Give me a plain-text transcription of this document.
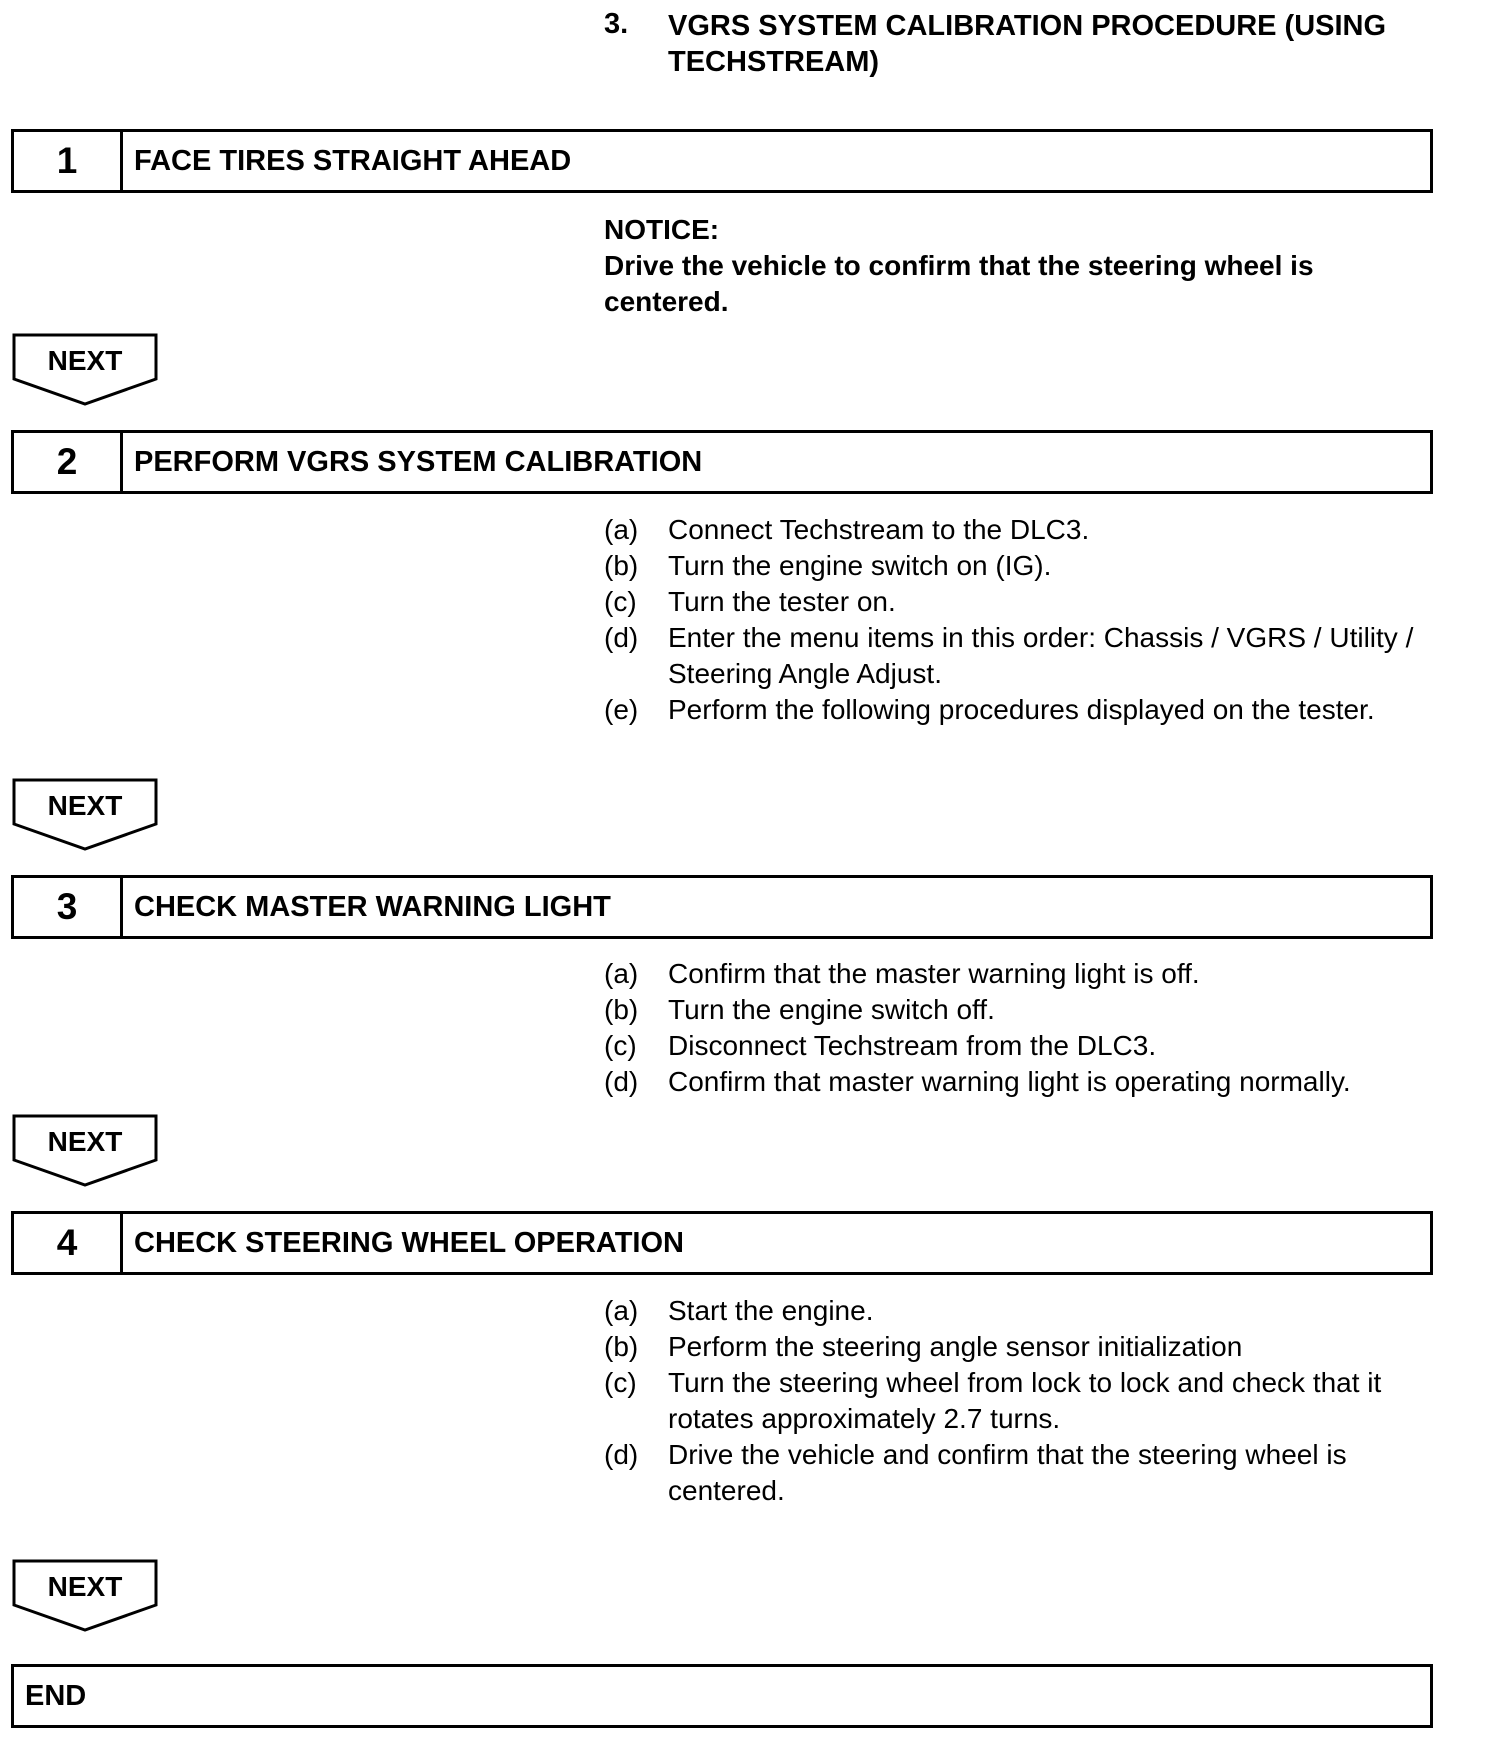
3. VGRS SYSTEM CALIBRATION PROCEDURE (USING TECHSTREAM)
1	FACE TIRES STRAIGHT AHEAD
NOTICE:
Drive the vehicle to confirm that the steering wheel is centered.
NEXT
2	PERFORM VGRS SYSTEM CALIBRATION
(a)	Connect Techstream to the DLC3.
(b)	Turn the engine switch on (IG).
(c)	Turn the tester on.
(d)	Enter the menu items in this order: Chassis / VGRS / Utility / Steering Angle Adjust.
(e)	Perform the following procedures displayed on the tester.
NEXT
3	CHECK MASTER WARNING LIGHT
(a)	Confirm that the master warning light is off.
(b)	Turn the engine switch off.
(c)	Disconnect Techstream from the DLC3.
(d)	Confirm that master warning light is operating normally.
NEXT
4	CHECK STEERING WHEEL OPERATION
(a)	Start the engine.
(b)	Perform the steering angle sensor initialization
(c)	Turn the steering wheel from lock to lock and check that it rotates approximately 2.7 turns.
(d)	Drive the vehicle and confirm that the steering wheel is centered.
NEXT
END
